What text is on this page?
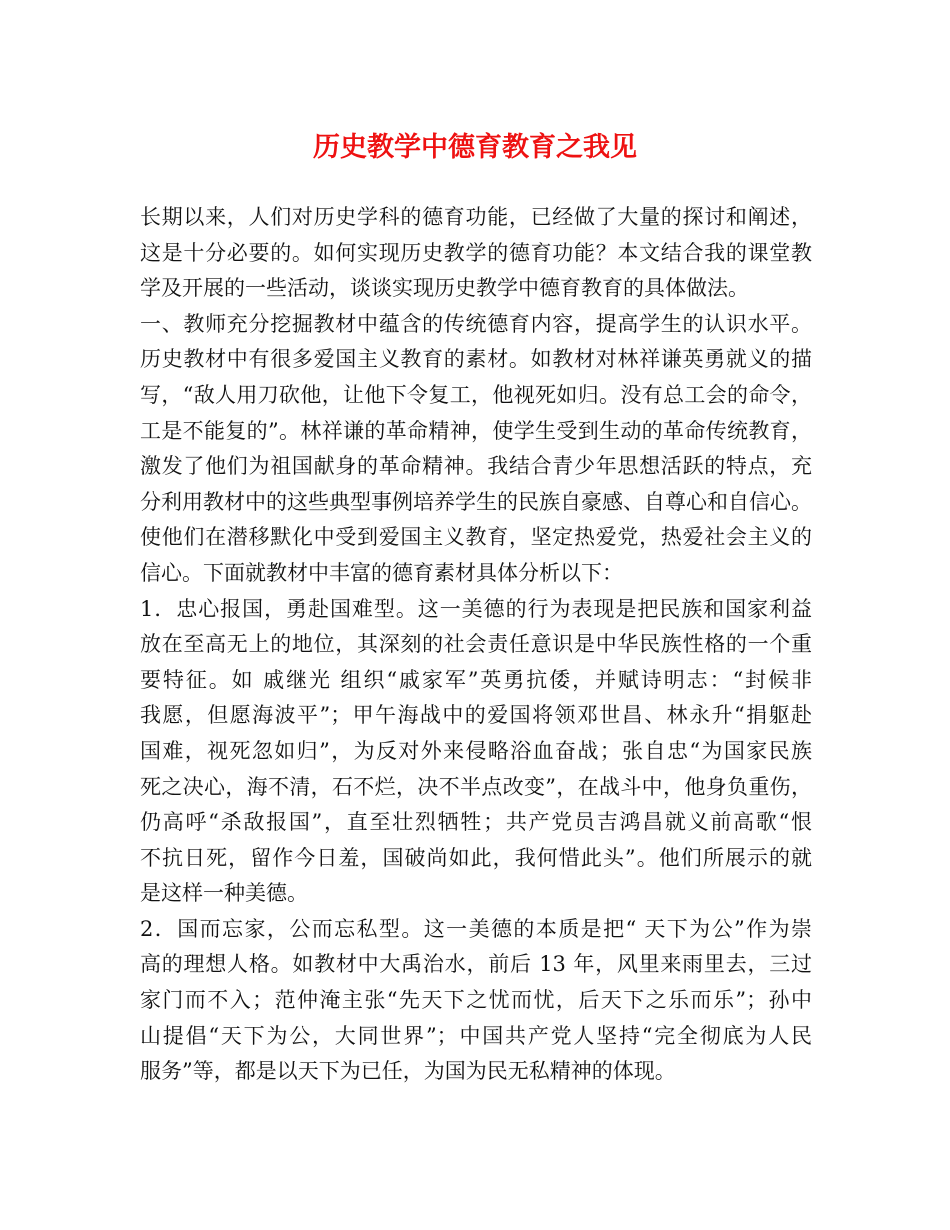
历史教学中德育教育之我见
长期以来，人们对历史学科的德育功能，已经做了大量的探讨和阐述，
这是十分必要的。如何实现历史教学的德育功能？本文结合我的课堂教
学及开展的一些活动，谈谈实现历史教学中德育教育的具体做法。
一、教师充分挖掘教材中蕴含的传统德育内容，提高学生的认识水平。
历史教材中有很多爱国主义教育的素材。如教材对林祥谦英勇就义的描
写，“敌人用刀砍他，让他下令复工，他视死如归。没有总工会的命令，
工是不能复的”。林祥谦的革命精神，使学生受到生动的革命传统教育，
激发了他们为祖国献身的革命精神。我结合青少年思想活跃的特点，充
分利用教材中的这些典型事例培养学生的民族自豪感、自尊心和自信心。
使他们在潜移默化中受到爱国主义教育，坚定热爱党，热爱社会主义的
信心。下面就教材中丰富的德育素材具体分析以下：
1．忠心报国，勇赴国难型。这一美德的行为表现是把民族和国家利益
放在至高无上的地位，其深刻的社会责任意识是中华民族性格的一个重
要特征。如 戚继光 组织“戚家军”英勇抗倭，并赋诗明志：“封候非
我愿，但愿海波平”；甲午海战中的爱国将领邓世昌、林永升“捐躯赴
国难，视死忽如归”，为反对外来侵略浴血奋战；张自忠“为国家民族
死之决心，海不清，石不烂，决不半点改变”，在战斗中，他身负重伤，
仍高呼“杀敌报国”，直至壮烈牺牲；共产党员吉鸿昌就义前高歌“恨
不抗日死，留作今日羞，国破尚如此，我何惜此头”。他们所展示的就
是这样一种美德。
2．国而忘家，公而忘私型。这一美德的本质是把“ 天下为公”作为崇
高的理想人格。如教材中大禹治水，前后 13 年，风里来雨里去，三过
家门而不入；范仲淹主张“先天下之忧而忧，后天下之乐而乐”；孙中
山提倡“天下为公，大同世界”；中国共产党人坚持“完全彻底为人民
服务”等，都是以天下为已任，为国为民无私精神的体现。
